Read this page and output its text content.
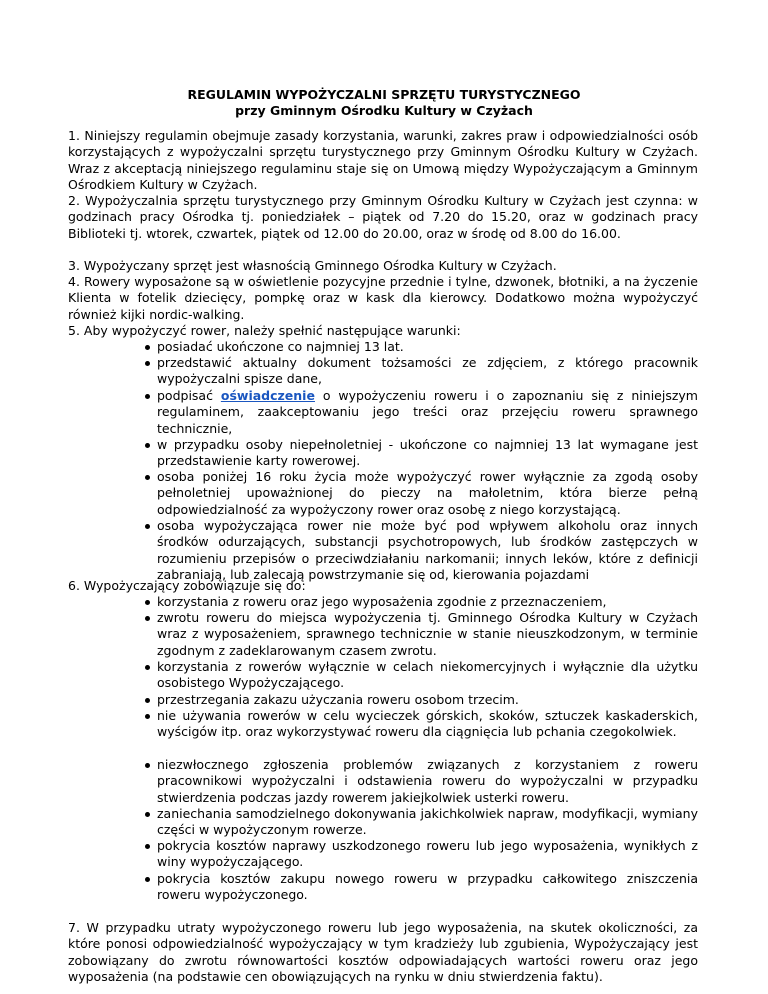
REGULAMIN WYPOŻYCZALNI SPRZĘTU TURYSTYCZNEGO
przy Gminnym Ośrodku Kultury w Czyżach

1. Niniejszy regulamin obejmuje zasady korzystania, warunki, zakres praw i odpowiedzialności osób korzystających z wypożyczalni sprzętu turystycznego przy Gminnym Ośrodku Kultury w Czyżach. Wraz z akceptacją niniejszego regulaminu staje się on Umową między Wypożyczającym a Gminnym Ośrodkiem Kultury w Czyżach.

2. Wypożyczalnia sprzętu turystycznego przy Gminnym Ośrodku Kultury w Czyżach jest czynna: w godzinach pracy Ośrodka tj. poniedziałek – piątek od 7.20 do 15.20, oraz w godzinach pracy Biblioteki tj. wtorek, czwartek, piątek od 12.00 do 20.00, oraz w środę od 8.00 do 16.00.

3. Wypożyczany sprzęt jest własnością Gminnego Ośrodka Kultury w Czyżach.

4. Rowery wyposażone są w oświetlenie pozycyjne przednie i tylne, dzwonek, błotniki, a na życzenie Klienta w fotelik dziecięcy, pompkę oraz w kask dla kierowcy. Dodatkowo można wypożyczyć również kijki nordic-walking.

5. Aby wypożyczyć rower, należy spełnić następujące warunki:

posiadać ukończone co najmniej 13 lat.

przedstawić aktualny dokument tożsamości ze zdjęciem, z którego pracownik wypożyczalni spisze dane,

podpisać oświadczenie o wypożyczeniu roweru i o zapoznaniu się z niniejszym regulaminem, zaakceptowaniu jego treści oraz przejęciu roweru sprawnego technicznie,

w przypadku osoby niepełnoletniej - ukończone co najmniej 13 lat wymagane jest przedstawienie karty rowerowej.

osoba poniżej 16 roku życia może wypożyczyć rower wyłącznie za zgodą osoby pełnoletniej upoważnionej do pieczy na małoletnim, która bierze pełną odpowiedzialność za wypożyczony rower oraz osobę z niego korzystającą.

osoba wypożyczająca rower nie może być pod wpływem alkoholu oraz innych środków odurzających, substancji psychotropowych, lub środków zastępczych w rozumieniu przepisów o przeciwdziałaniu narkomanii; innych leków, które z definicji zabraniają, lub zalecają powstrzymanie się od, kierowania pojazdami

6. Wypożyczający zobowiązuje się do:

korzystania z roweru oraz jego wyposażenia zgodnie z przeznaczeniem,

zwrotu roweru do miejsca wypożyczenia tj. Gminnego Ośrodka Kultury w Czyżach wraz z wyposażeniem, sprawnego technicznie w stanie nieuszkodzonym, w terminie zgodnym z zadeklarowanym czasem zwrotu.

korzystania z rowerów wyłącznie w celach niekomercyjnych i wyłącznie dla użytku osobistego Wypożyczającego.

przestrzegania zakazu użyczania roweru osobom trzecim.

nie używania rowerów w celu wycieczek górskich, skoków, sztuczek kaskaderskich, wyścigów itp. oraz wykorzystywać roweru dla ciągnięcia lub pchania czegokolwiek.

niezwłocznego zgłoszenia problemów związanych z korzystaniem z roweru pracownikowi wypożyczalni i odstawienia roweru do wypożyczalni w przypadku stwierdzenia podczas jazdy rowerem jakiejkolwiek usterki roweru.

zaniechania samodzielnego dokonywania jakichkolwiek napraw, modyfikacji, wymiany części w wypożyczonym rowerze.

pokrycia kosztów naprawy uszkodzonego roweru lub jego wyposażenia, wynikłych z winy wypożyczającego.

pokrycia kosztów zakupu nowego roweru w przypadku całkowitego zniszczenia roweru wypożyczonego.

7. W przypadku utraty wypożyczonego roweru lub jego wyposażenia, na skutek okoliczności, za które ponosi odpowiedzialność wypożyczający w tym kradzieży lub zgubienia, Wypożyczający jest zobowiązany do zwrotu równowartości kosztów odpowiadających wartości roweru oraz jego wyposażenia (na podstawie cen obowiązujących na rynku w dniu stwierdzenia faktu).
